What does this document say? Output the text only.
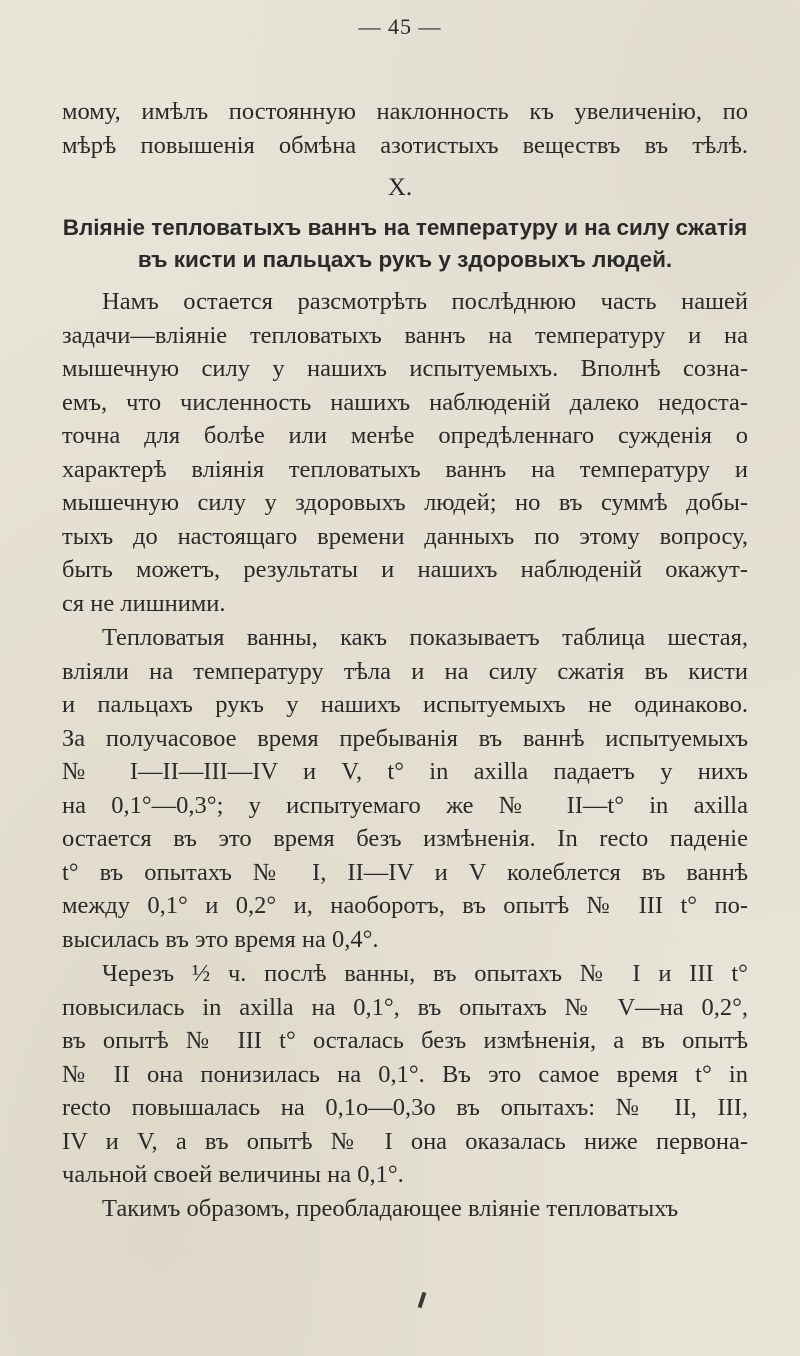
— 45 —
мому, имѣлъ постоянную наклонность къ увеличенію, по
мѣрѣ повышенія обмѣна азотистыхъ веществъ въ тѣлѣ.
X.
Вліяніе тепловатыхъ ваннъ на температуру и на силу сжатія
въ кисти и пальцахъ рукъ у здоровыхъ людей.
Намъ остается разсмотрѣть послѣднюю часть нашей
задачи—вліяніе тепловатыхъ ваннъ на температуру и на
мышечную силу у нашихъ испытуемыхъ. Вполнѣ созна-
емъ, что численность нашихъ наблюденій далеко недоста-
точна для болѣе или менѣе опредѣленнаго сужденія о
характерѣ вліянія тепловатыхъ ваннъ на температуру и
мышечную силу у здоровыхъ людей; но въ суммѣ добы-
тыхъ до настоящаго времени данныхъ по этому вопросу,
быть можетъ, результаты и нашихъ наблюденій окажут-
ся не лишними.
Тепловатыя ванны, какъ показываетъ таблица шестая,
вліяли на температуру тѣла и на силу сжатія въ кисти
и пальцахъ рукъ у нашихъ испытуемыхъ не одинаково.
За получасовое время пребыванія въ ваннѣ испытуемыхъ
№ I—II—III—IV и V, t° in axilla падаетъ у нихъ
на 0,1°—0,3°; у испытуемаго же № II—t° in axilla
остается въ это время безъ измѣненія. In recto паденіе
t° въ опытахъ № I, II—IV и V колеблется въ ваннѣ
между 0,1° и 0,2° и, наоборотъ, въ опытѣ № III t° по-
высилась въ это время на 0,4°.
Черезъ ½ ч. послѣ ванны, въ опытахъ № I и III t°
повысилась in axilla на 0,1°, въ опытахъ № V—на 0,2°,
въ опытѣ № III t° осталась безъ измѣненія, а въ опытѣ
№ II она понизилась на 0,1°. Въ это самое время t° in
recto повышалась на 0,1о—0,3о въ опытахъ: № II, III,
IV и V, а въ опытѣ № I она оказалась ниже первона-
чальной своей величины на 0,1°.
Такимъ образомъ, преобладающее вліяніе тепловатыхъ
